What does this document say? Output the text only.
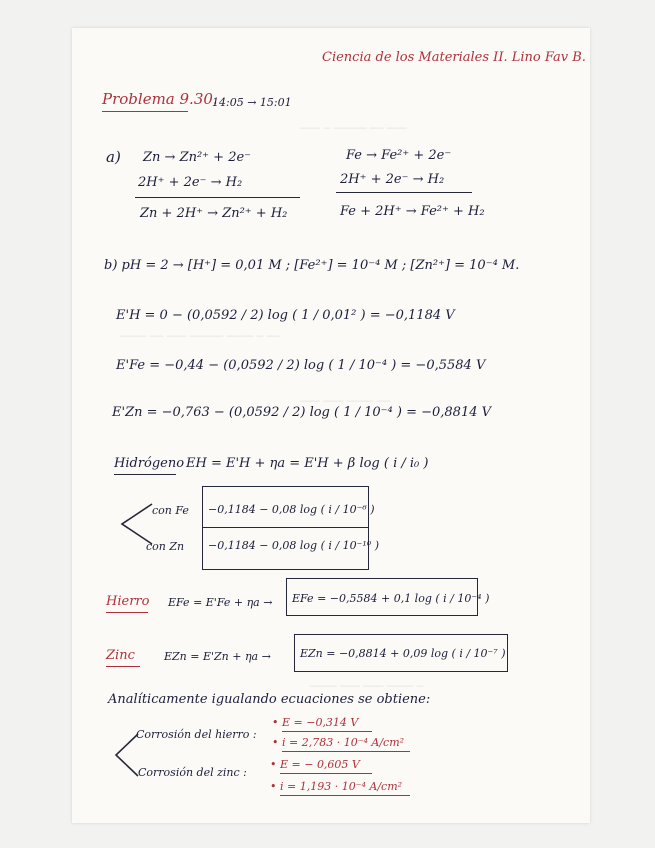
─── ─ ───── ── ───
──── ── ─── ───── ──── ─ ──
─── ─── ──── ──
──── ─── ─── ──── ─
Ciencia de los Materiales II. Lino Fav B.
Problema 9.30.
14:05 → 15:01
a) Zn → Zn²⁺ + 2e⁻
2H⁺ + 2e⁻ → H₂
Zn + 2H⁺ → Zn²⁺ + H₂
Fe → Fe²⁺ + 2e⁻
2H⁺ + 2e⁻ → H₂
Fe + 2H⁺ → Fe²⁺ + H₂
b) pH = 2 → [H⁺] = 0,01 M ; [Fe²⁺] = 10⁻⁴ M ; [Zn²⁺] = 10⁻⁴ M.
E'H = 0 − (0,0592 / 2) log ( 1 / 0,01² ) = −0,1184 V
E'Fe = −0,44 − (0,0592 / 2) log ( 1 / 10⁻⁴ ) = −0,5584 V
E'Zn = −0,763 − (0,0592 / 2) log ( 1 / 10⁻⁴ ) = −0,8814 V
Hidrógeno EH = E'H + ηa = E'H + β log ( i / i₀ )
con Fe
con Zn
−0,1184 − 0,08 log ( i / 10⁻⁶ )
−0,1184 − 0,08 log ( i / 10⁻¹⁰ )
Hierro EFe = E'Fe + ηa → EFe = −0,5584 + 0,1 log ( i / 10⁻⁴ )
Zinc	EZn = E'Zn + ηa →	EZn = −0,8814 + 0,09 log ( i / 10⁻⁷ )
Analíticamente igualando ecuaciones se obtiene:
Corrosión del hierro :
• E = −0,314 V
• i = 2,783 · 10⁻⁴ A/cm²
Corrosión del zinc :
• E = − 0,605 V
• i = 1,193 · 10⁻⁴ A/cm²
